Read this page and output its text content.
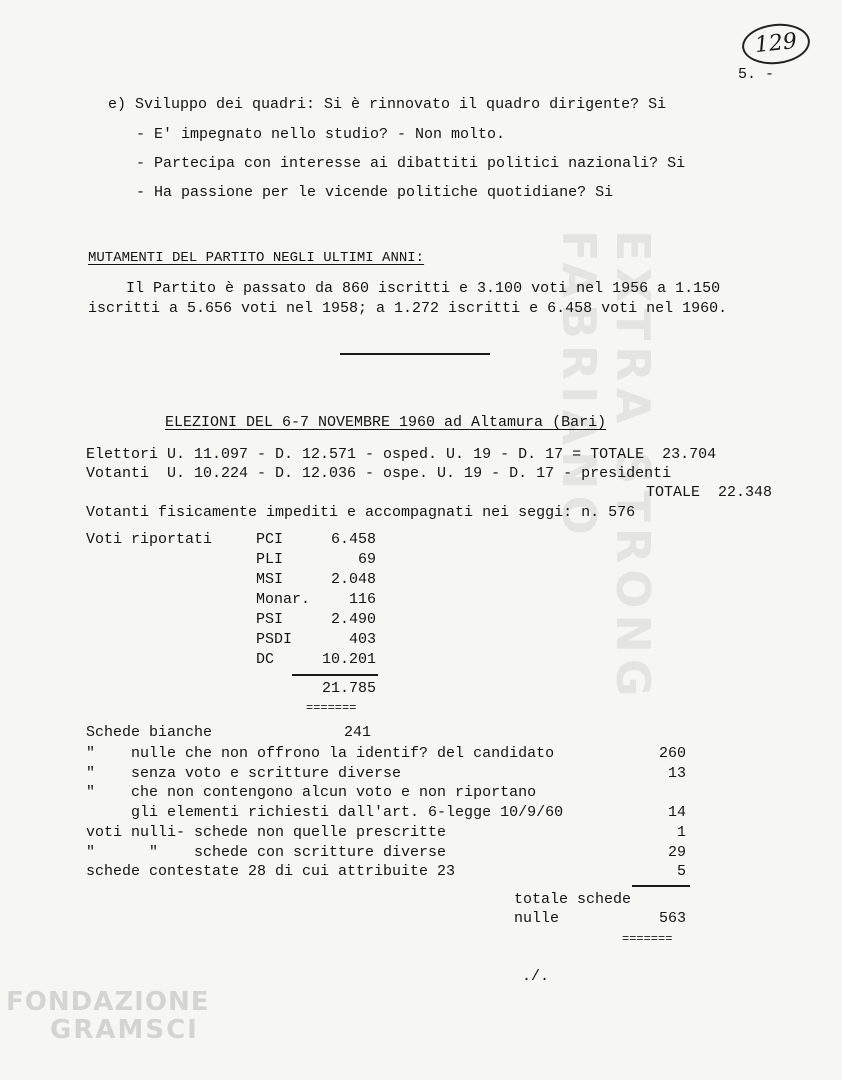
EXTRA STRONG
FABRIANO
129
5. -
e) Sviluppo dei quadri: Si è rinnovato il quadro dirigente? Si
- E' impegnato nello studio? - Non molto.
- Partecipa con interesse ai dibattiti politici nazionali? Si
- Ha passione per le vicende politiche quotidiane? Si
MUTAMENTI DEL PARTITO NEGLI ULTIMI ANNI:
Il Partito è passato da 860 iscritti e 3.100 voti nel 1956 a 1.150
iscritti a 5.656 voti nel 1958; a 1.272 iscritti e 6.458 voti nel 1960.
ELEZIONI DEL 6-7 NOVEMBRE 1960 ad Altamura (Bari)
Elettori U. 11.097 - D. 12.571 - osped. U. 19 - D. 17 = TOTALE  23.704
Votanti  U. 10.224 - D. 12.036 - ospe. U. 19 - D. 17 - presidenti
TOTALE  22.348
Votanti fisicamente impediti e accompagnati nei seggi: n. 576
Voti riportati	PCI	6.458
PLI	69
MSI	2.048
Monar.	116
PSI	2.490
PSDI	403
DC	10.201
21.785
=======
Schede bianche	241
"    nulle che non offrono la identif? del candidato	260
"    senza voto e scritture diverse	13
"    che non contengono alcun voto e non riportano
gli elementi richiesti dall'art. 6-legge 10/9/60	14
voti nulli- schede non quelle prescritte	1
"      "    schede con scritture diverse	29
schede contestate 28 di cui attribuite 23	5
totale schede
nulle	563
=======
./.
FONDAZIONE
GRAMSCI
